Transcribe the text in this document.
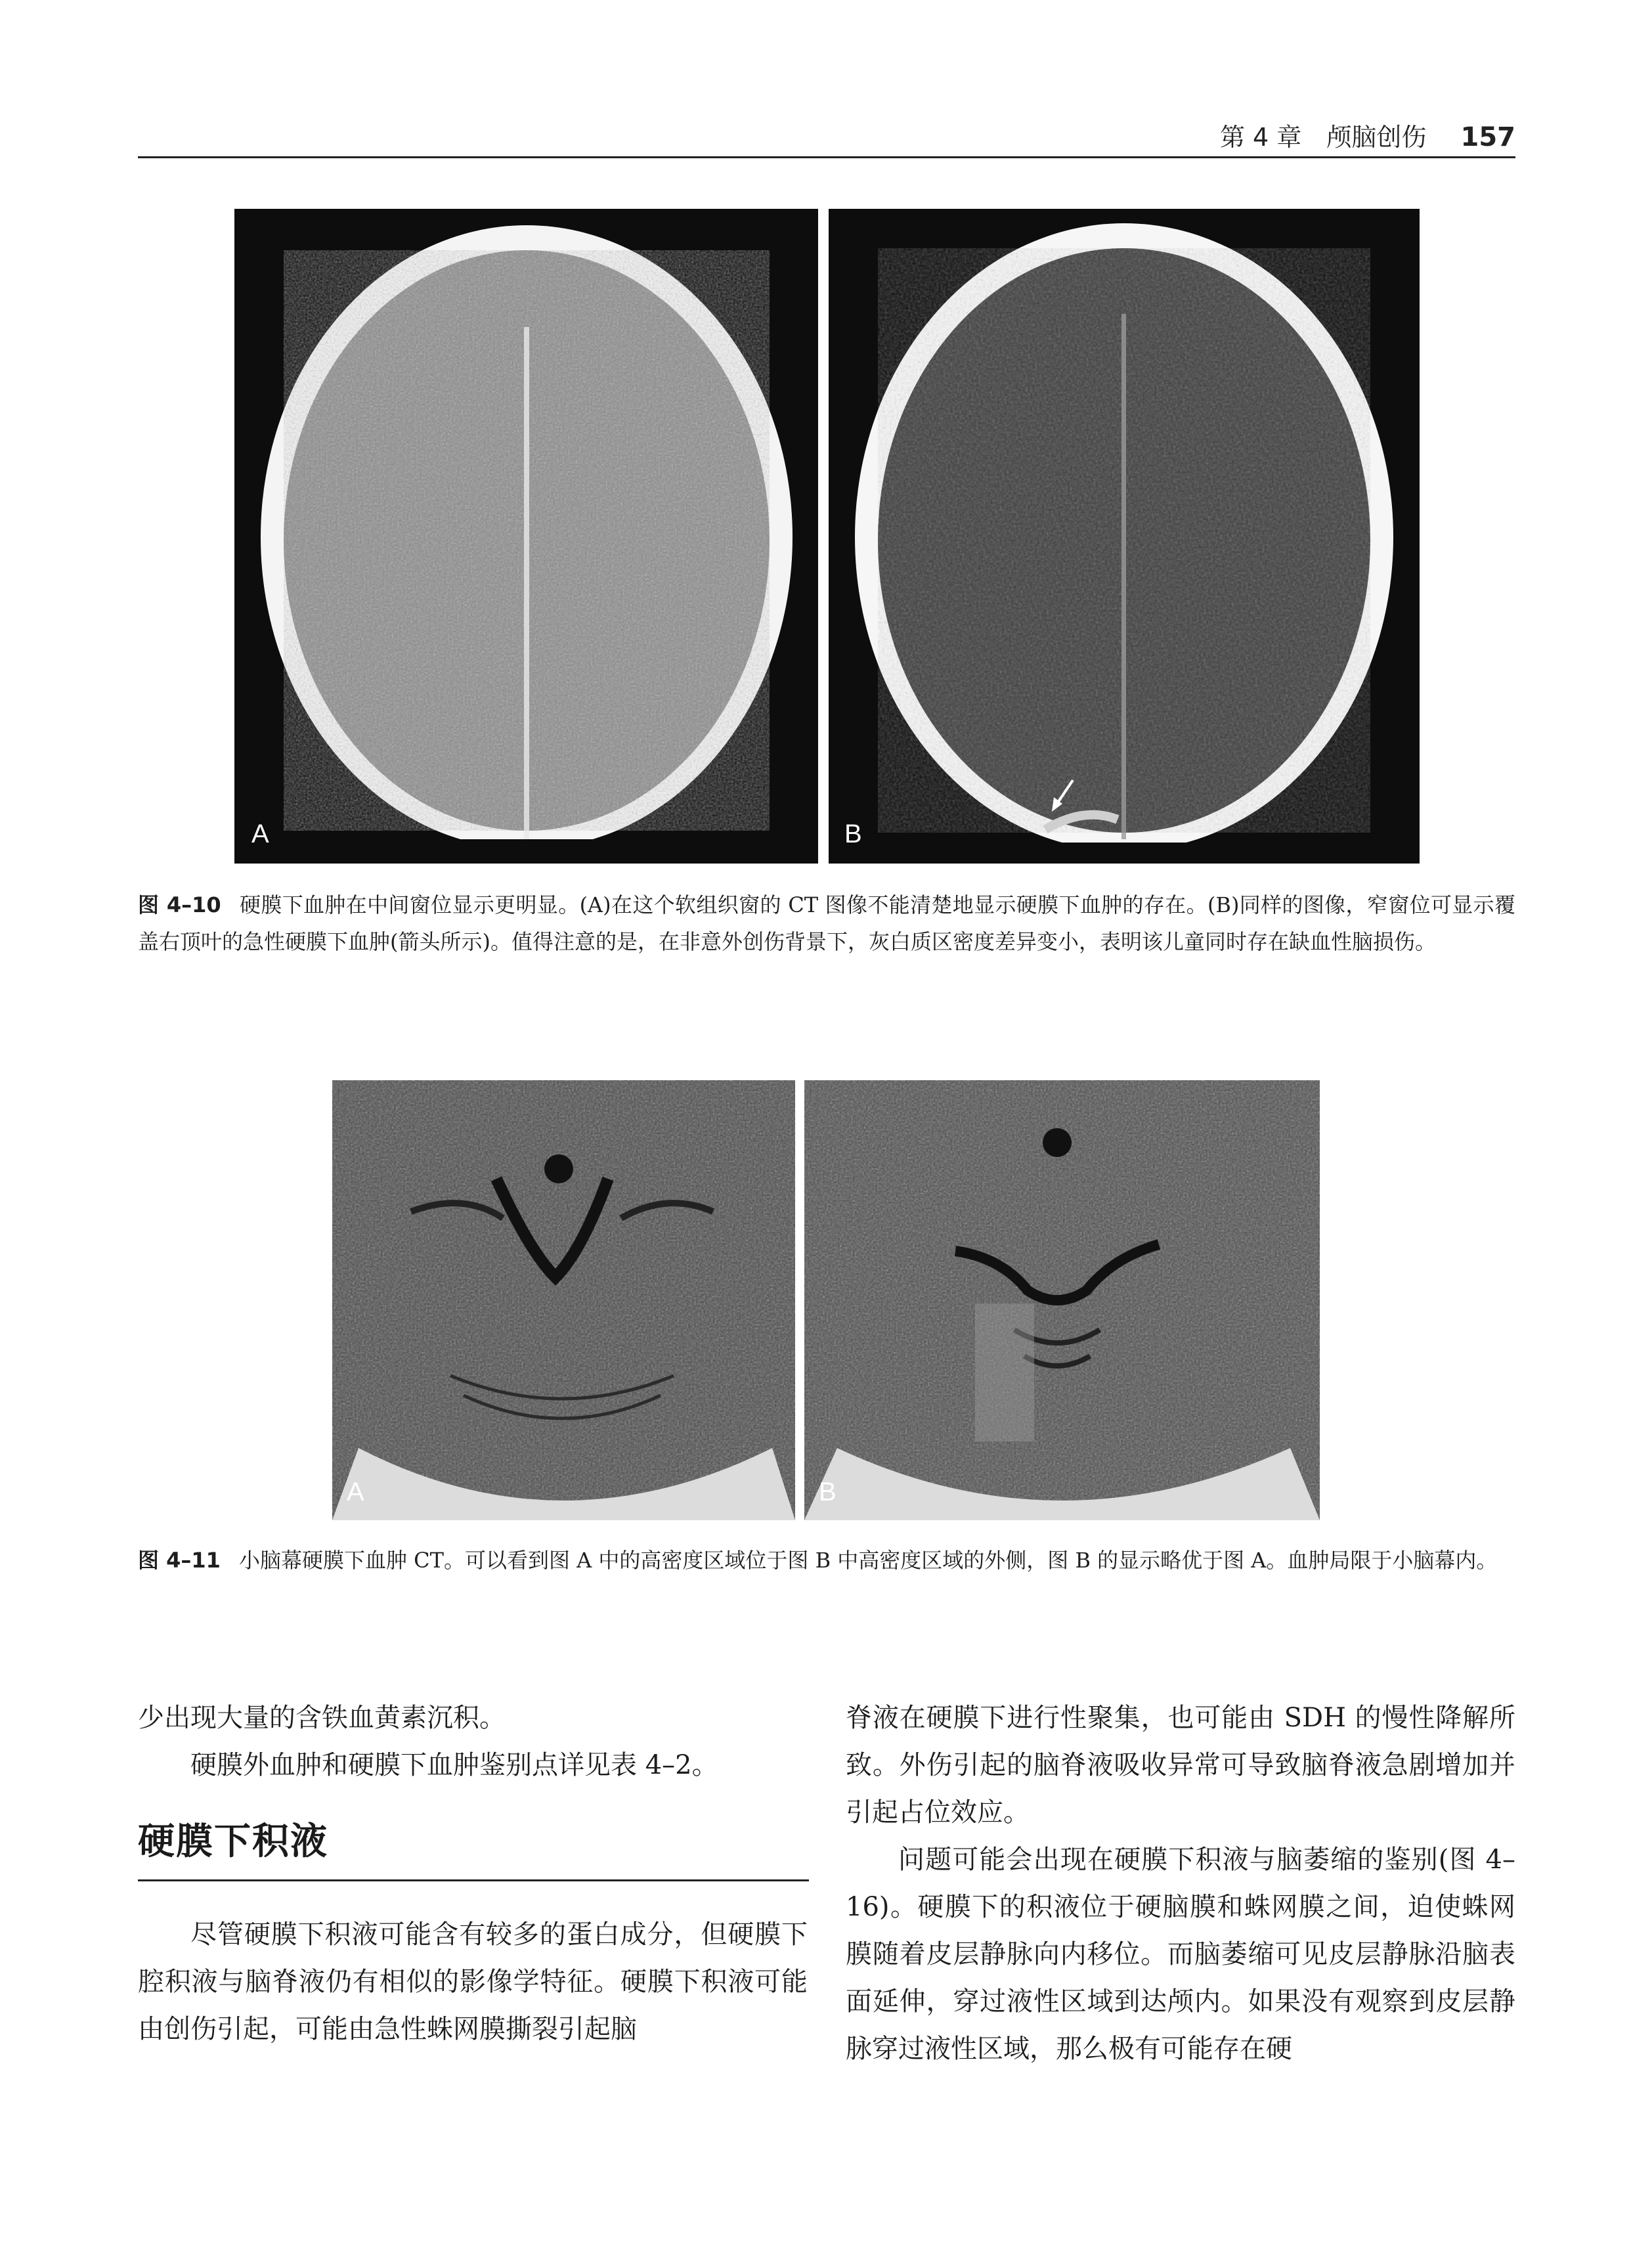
第 4 章 颅脑创伤 157
A	B
图 4–10 硬膜下血肿在中间窗位显示更明显。(A)在这个软组织窗的 CT 图像不能清楚地显示硬膜下血肿的存在。(B)同样的图像，窄窗位可显示覆盖右顶叶的急性硬膜下血肿(箭头所示)。值得注意的是，在非意外创伤背景下，灰白质区密度差异变小，表明该儿童同时存在缺血性脑损伤。
A	B
图 4–11 小脑幕硬膜下血肿 CT。可以看到图 A 中的高密度区域位于图 B 中高密度区域的外侧，图 B 的显示略优于图 A。血肿局限于小脑幕内。

少出现大量的含铁血黄素沉积。

硬膜外血肿和硬膜下血肿鉴别点详见表 4–2。

硬膜下积液

尽管硬膜下积液可能含有较多的蛋白成分，但硬膜下腔积液与脑脊液仍有相似的影像学特征。硬膜下积液可能由创伤引起，可能由急性蛛网膜撕裂引起脑

脊液在硬膜下进行性聚集，也可能由 SDH 的慢性降解所致。外伤引起的脑脊液吸收异常可导致脑脊液急剧增加并引起占位效应。

问题可能会出现在硬膜下积液与脑萎缩的鉴别(图 4–16)。硬膜下的积液位于硬脑膜和蛛网膜之间，迫使蛛网膜随着皮层静脉向内移位。而脑萎缩可见皮层静脉沿脑表面延伸，穿过液性区域到达颅内。如果没有观察到皮层静脉穿过液性区域，那么极有可能存在硬
